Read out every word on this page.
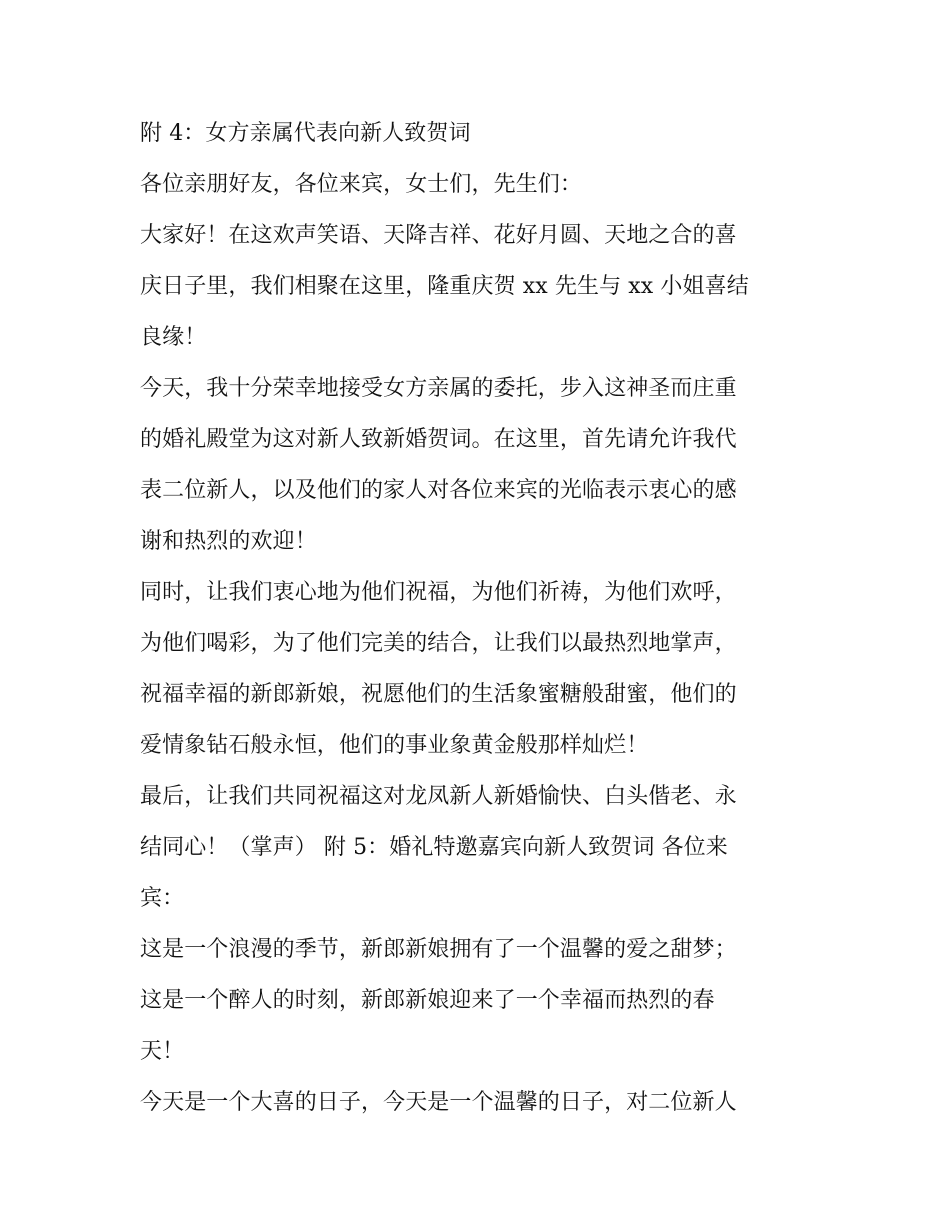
附 4：女方亲属代表向新人致贺词
各位亲朋好友，各位来宾，女士们，先生们：
大家好！在这欢声笑语、天降吉祥、花好月圆、天地之合的喜
庆日子里，我们相聚在这里，隆重庆贺 xx 先生与 xx 小姐喜结
良缘！
今天，我十分荣幸地接受女方亲属的委托，步入这神圣而庄重
的婚礼殿堂为这对新人致新婚贺词。在这里，首先请允许我代
表二位新人，以及他们的家人对各位来宾的光临表示衷心的感
谢和热烈的欢迎！
同时，让我们衷心地为他们祝福，为他们祈祷，为他们欢呼，
为他们喝彩，为了他们完美的结合，让我们以最热烈地掌声，
祝福幸福的新郎新娘，祝愿他们的生活象蜜糖般甜蜜，他们的
爱情象钻石般永恒，他们的事业象黄金般那样灿烂！
最后，让我们共同祝福这对龙凤新人新婚愉快、白头偕老、永
结同心！（掌声） 附 5：婚礼特邀嘉宾向新人致贺词 各位来
宾：
这是一个浪漫的季节，新郎新娘拥有了一个温馨的爱之甜梦；
这是一个醉人的时刻，新郎新娘迎来了一个幸福而热烈的春
天！
今天是一个大喜的日子，今天是一个温馨的日子，对二位新人
